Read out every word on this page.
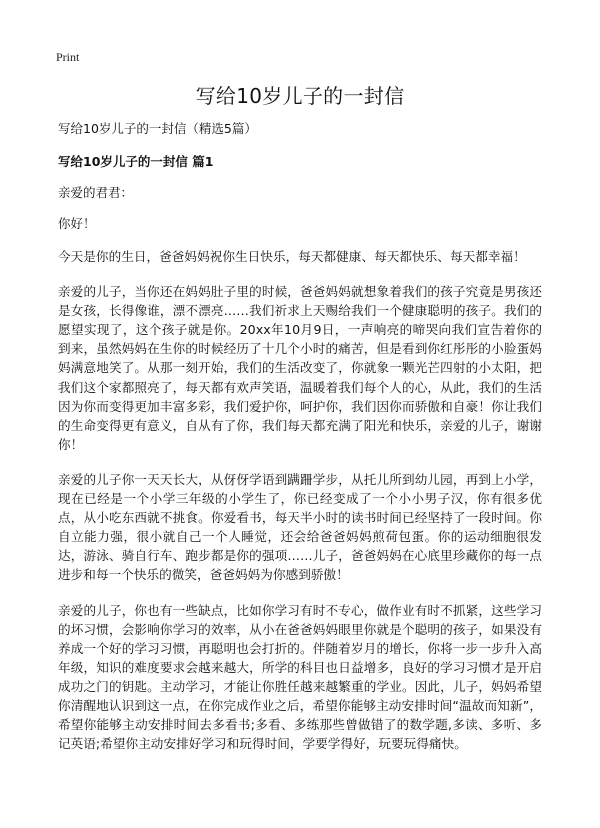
Print
写给10岁儿子的一封信
写给10岁儿子的一封信（精选5篇）
写给10岁儿子的一封信 篇1
亲爱的君君：
你好！

今天是你的生日，爸爸妈妈祝你生日快乐，每天都健康、每天都快乐、每天都幸福！

亲爱的儿子，当你还在妈妈肚子里的时候，爸爸妈妈就想象着我们的孩子究竟是男孩还是女孩，长得像谁，漂不漂亮……我们祈求上天赐给我们一个健康聪明的孩子。我们的愿望实现了，这个孩子就是你。20xx年10月9日，一声响亮的啼哭向我们宣告着你的到来，虽然妈妈在生你的时候经历了十几个小时的痛苦，但是看到你红彤彤的小脸蛋妈妈满意地笑了。从那一刻开始，我们的生活改变了，你就象一颗光芒四射的小太阳，把我们这个家都照亮了，每天都有欢声笑语，温暖着我们每个人的心，从此，我们的生活因为你而变得更加丰富多彩，我们爱护你，呵护你，我们因你而骄傲和自豪！你让我们的生命变得更有意义，自从有了你，我们每天都充满了阳光和快乐，亲爱的儿子，谢谢你！

亲爱的儿子你一天天长大，从伢伢学语到蹒跚学步，从托儿所到幼儿园，再到上小学，现在已经是一个小学三年级的小学生了，你已经变成了一个小小男子汉，你有很多优点，从小吃东西就不挑食。你爱看书，每天半小时的读书时间已经坚持了一段时间。你自立能力强，很小就自己一个人睡觉，还会给爸爸妈妈煎荷包蛋。你的运动细胞很发达，游泳、骑自行车、跑步都是你的强项……儿子，爸爸妈妈在心底里珍藏你的每一点进步和每一个快乐的微笑，爸爸妈妈为你感到骄傲！

亲爱的儿子，你也有一些缺点，比如你学习有时不专心，做作业有时不抓紧，这些学习的坏习惯，会影响你学习的效率，从小在爸爸妈妈眼里你就是个聪明的孩子，如果没有养成一个好的学习习惯，再聪明也会打折的。伴随着岁月的增长，你将一步一步升入高年级，知识的难度要求会越来越大，所学的科目也日益增多，良好的学习习惯才是开启成功之门的钥匙。主动学习，才能让你胜任越来越繁重的学业。因此，儿子，妈妈希望你清醒地认识到这一点，在你完成作业之后，希望你能够主动安排时间“温故而知新”，希望你能够主动安排时间去多看书;多看、多练那些曾做错了的数学题,多读、多听、多记英语;希望你主动安排好学习和玩得时间，学要学得好，玩要玩得痛快。
